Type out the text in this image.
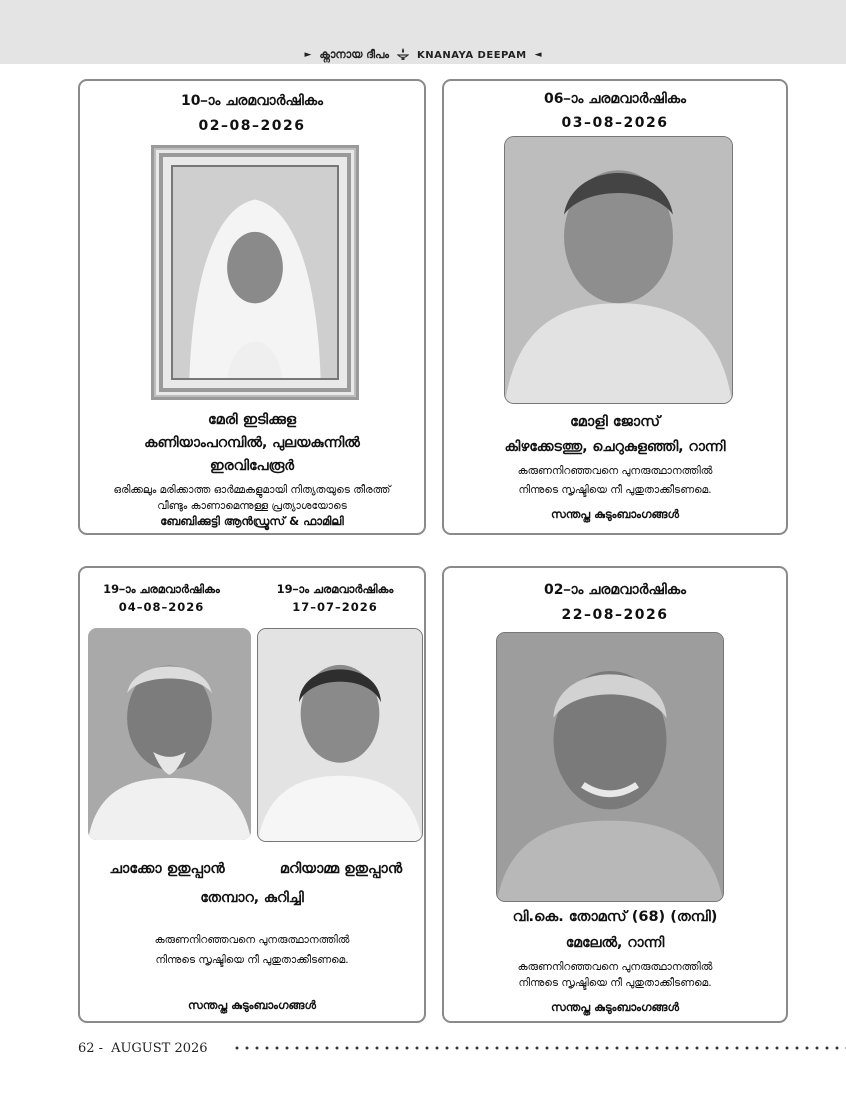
► ക്നാനായ ദീപം	KNANAYA DEEPAM ◄
10–ാം ചരമവാർഷികം
02–08–2026
മേരി ഇടിക്കുള
കണിയാംപറമ്പിൽ, പുലയകുന്നിൽ
ഇരവിപേരൂർ
ഒരിക്കലും മരിക്കാത്ത ഓർമ്മകളുമായി നിത്യതയുടെ തീരത്ത്
വീണ്ടും കാണാമെന്നുള്ള പ്രത്യാശയോടെ
ബേബിക്കുട്ടി ആൻഡ്രൂസ് & ഫാമിലി
06–ാം ചരമവാർഷികം
03–08–2026
മോളി ജോസ്
കിഴക്കേടത്തു, ചെറുകുളഞ്ഞി, റാന്നി
കരുണനിറഞ്ഞവനെ പുനരുത്ഥാനത്തിൽ
നിന്നുടെ സൃഷ്ടിയെ നീ പുതുതാക്കീടണമെ.
സന്തപ്ത കുടുംബാംഗങ്ങൾ
19–ാം ചരമവാർഷികം
04–08–2026
19–ാം ചരമവാർഷികം
17–07–2026
ചാക്കോ ഉതുപ്പാൻ	മറിയാമ്മ ഉതുപ്പാൻ
തേമ്പാറ, കുറിച്ചി
കരുണനിറഞ്ഞവനെ പുനരുത്ഥാനത്തിൽ
നിന്നുടെ സൃഷ്ടിയെ നീ പുതുതാക്കീടണമെ.
സന്തപ്ത കുടുംബാംഗങ്ങൾ
02–ാം ചരമവാർഷികം
22–08–2026
വി.കെ. തോമസ് (68) (തമ്പി)
മേലേൽ, റാന്നി
കരുണനിറഞ്ഞവനെ പുനരുത്ഥാനത്തിൽ
നിന്നുടെ സൃഷ്ടിയെ നീ പുതുതാക്കീടണമെ.
സന്തപ്ത കുടുംബാംഗങ്ങൾ
62 - AUGUST 2026
